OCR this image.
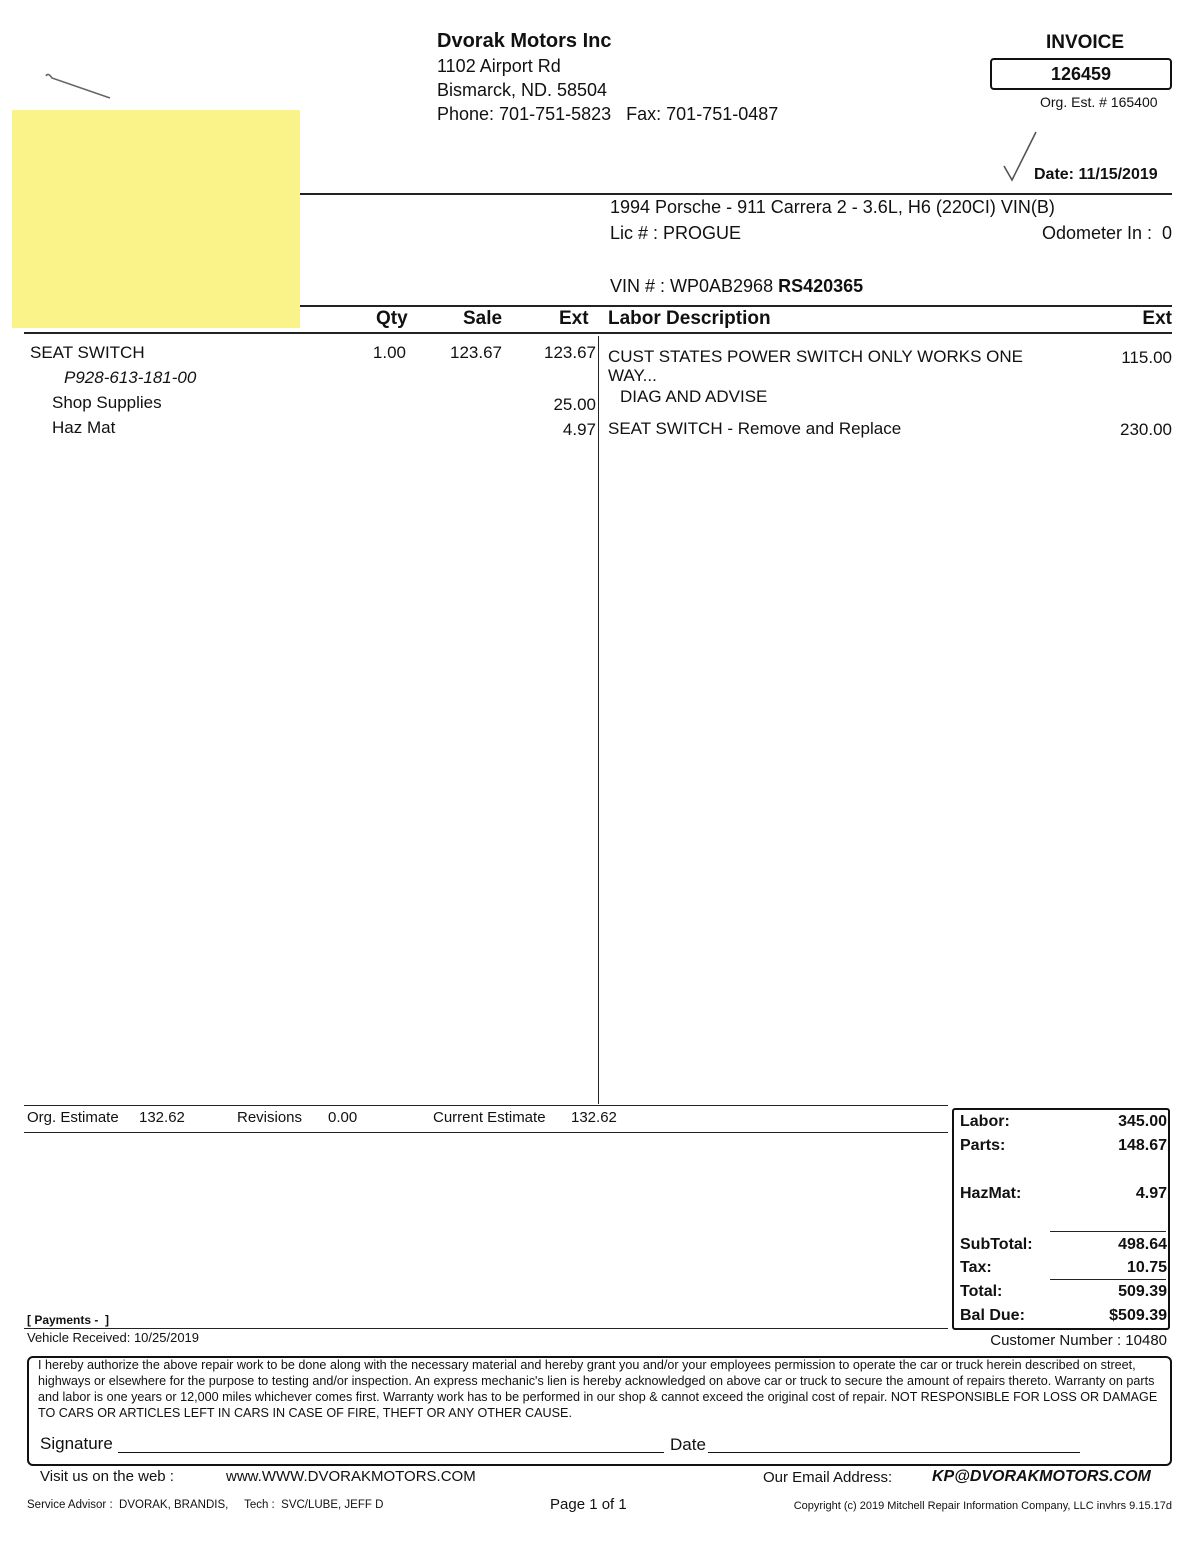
Dvorak Motors Inc
1102 Airport Rd
Bismarck, ND. 58504
Phone: 701-751-5823   Fax: 701-751-0487
INVOICE
126459
Org. Est. # 165400
Date: 11/15/2019
1994 Porsche - 911 Carrera 2 - 3.6L, H6 (220CI) VIN(B)
Lic # : PROGUE	Odometer In :  0
VIN # : WP0AB2968 RS420365
Qty	Sale	Ext Labor Description	Ext
SEAT SWITCH	1.00	123.67 123.67
P928-613-181-00
Shop Supplies	25.00
Haz Mat	4.97
CUST STATES POWER SWITCH ONLY WORKS ONE
WAY...
115.00
DIAG AND ADVISE
SEAT SWITCH - Remove and Replace	230.00
Org. Estimate 132.62	Revisions 0.00	Current Estimate 132.62	Labor:	345.00
Parts:	148.67
HazMat:	4.97
SubTotal:	498.64
Tax:	10.75
Total:	509.39
Bal Due:	$509.39
[ Payments -  ]
Vehicle Received: 10/25/2019	Customer Number : 10480
I hereby authorize the above repair work to be done along with the necessary material and hereby grant you and/or your employees permission to operate the car or truck herein described on street, highways or elsewhere for the purpose to testing and/or inspection. An express mechanic's lien is hereby acknowledged on above car or truck to secure the amount of repairs thereto. Warranty on parts and labor is one years or 12,000 miles whichever comes first. Warranty work has to be performed in our shop & cannot exceed the original cost of repair. NOT RESPONSIBLE FOR LOSS OR DAMAGE TO CARS OR ARTICLES LEFT IN CARS IN CASE OF FIRE, THEFT OR ANY OTHER CAUSE.
Signature	Date
Visit us on the web :	www.WWW.DVORAKMOTORS.COM	Our Email Address: KP@DVORAKMOTORS.COM
Service Advisor :  DVORAK, BRANDIS,     Tech :  SVC/LUBE, JEFF D	Page 1 of 1	Copyright (c) 2019 Mitchell Repair Information Company, LLC invhrs 9.15.17d
